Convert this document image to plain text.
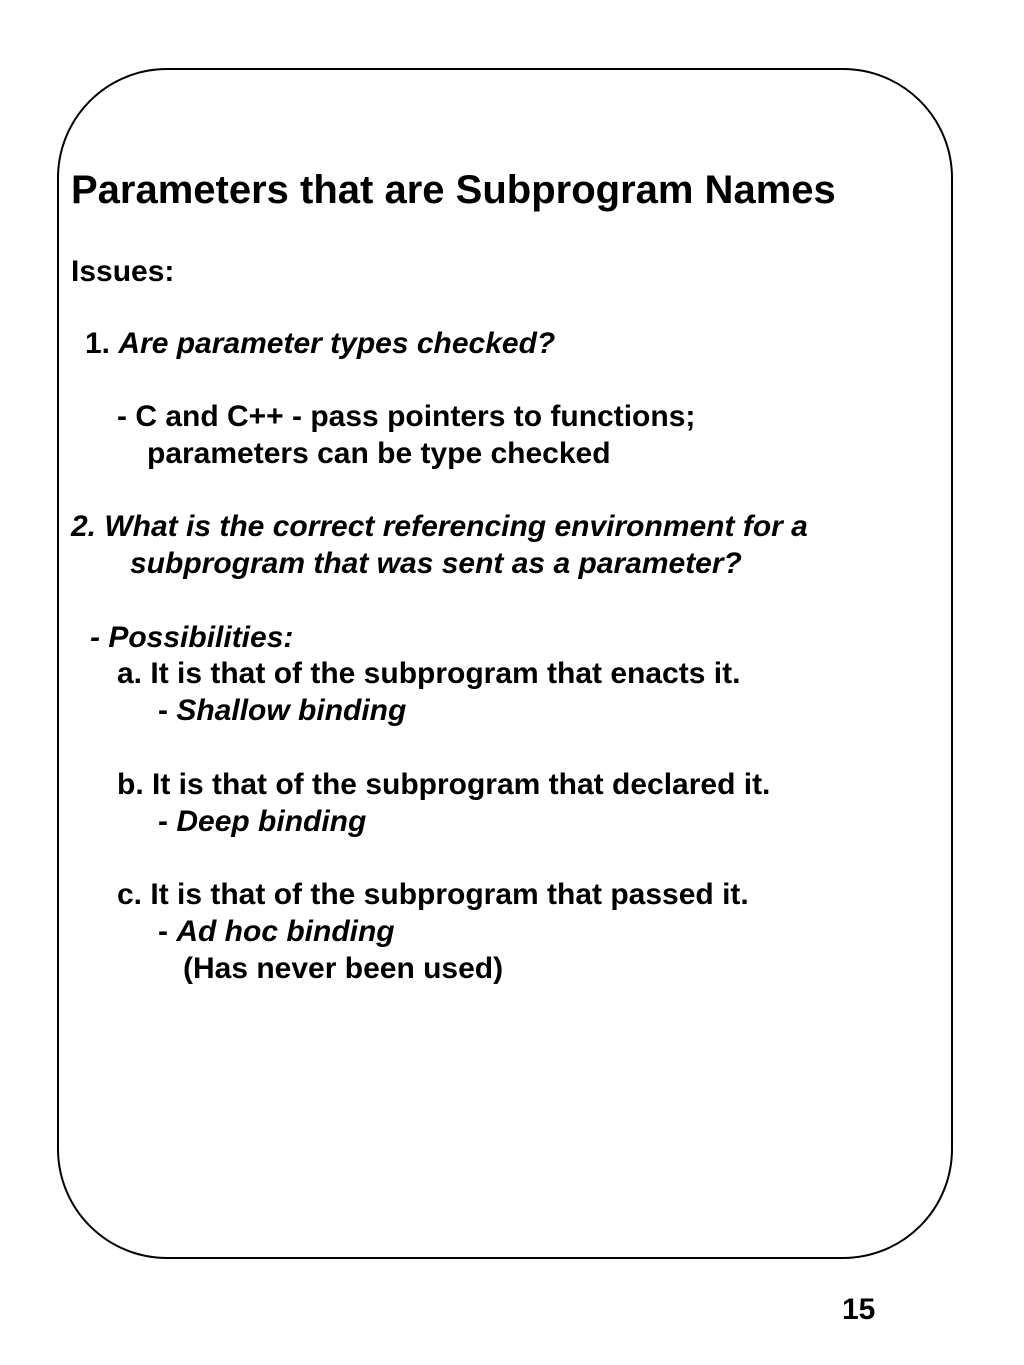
Parameters that are Subprogram Names
Issues:
1. Are parameter types checked?
- C and C++ - pass pointers to functions;
parameters can be type checked
2. What is the correct referencing environment for a
subprogram that was sent as a parameter?
- Possibilities:
a. It is that of the subprogram that enacts it.
- Shallow binding
b. It is that of the subprogram that declared it.
- Deep binding
c. It is that of the subprogram that passed it.
- Ad hoc binding
(Has never been used)
15
